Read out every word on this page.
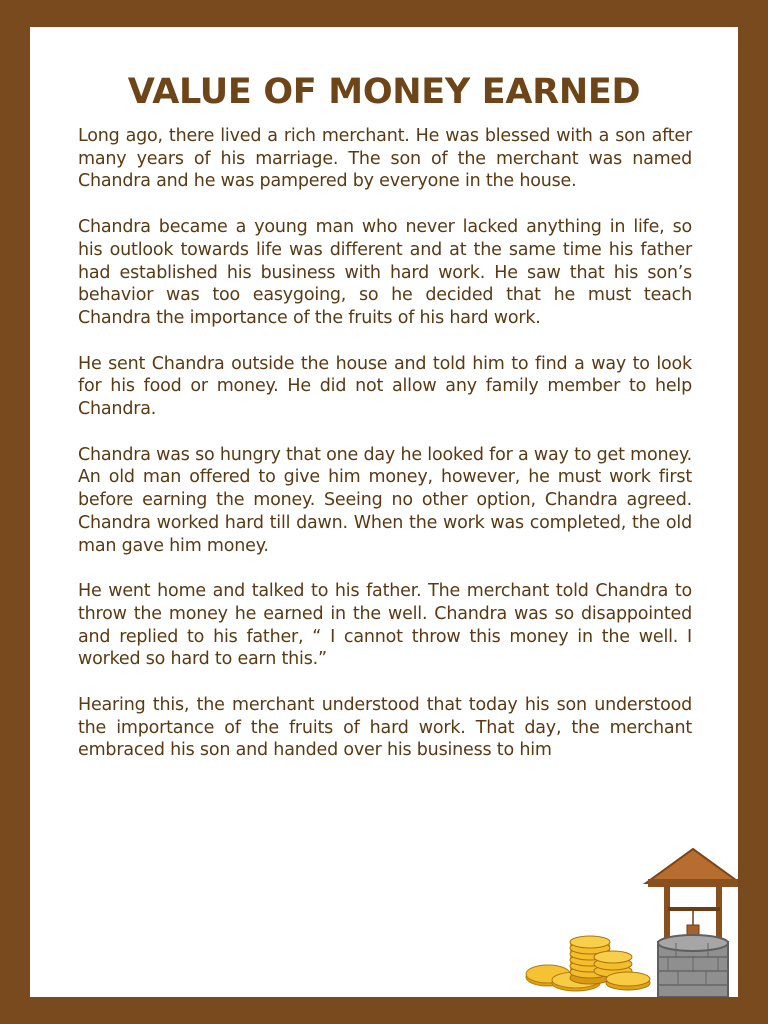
VALUE OF MONEY EARNED

Long ago, there lived a rich merchant. He was blessed with a son after many years of his marriage. The son of the merchant was named Chandra and he was pampered by everyone in the house.

Chandra became a young man who never lacked anything in life, so his outlook towards life was different and at the same time his father had established his business with hard work. He saw that his son’s behavior was too easygoing, so he decided that he must teach Chandra the importance of the fruits of his hard work.

He sent Chandra outside the house and told him to find a way to look for his food or money. He did not allow any family member to help Chandra.

Chandra was so hungry that one day he looked for a way to get money. An old man offered to give him money, however, he must work first before earning the money. Seeing no other option, Chandra agreed. Chandra worked hard till dawn. When the work was completed, the old man gave him money.

He went home and talked to his father. The merchant told Chandra to throw the money he earned in the well. Chandra was so disappointed and replied to his father, “ I cannot throw this money in the well. I worked so hard to earn this.”

Hearing this, the merchant understood that today his son understood the importance of the fruits of hard work. That day, the merchant embraced his son and handed over his business to him
